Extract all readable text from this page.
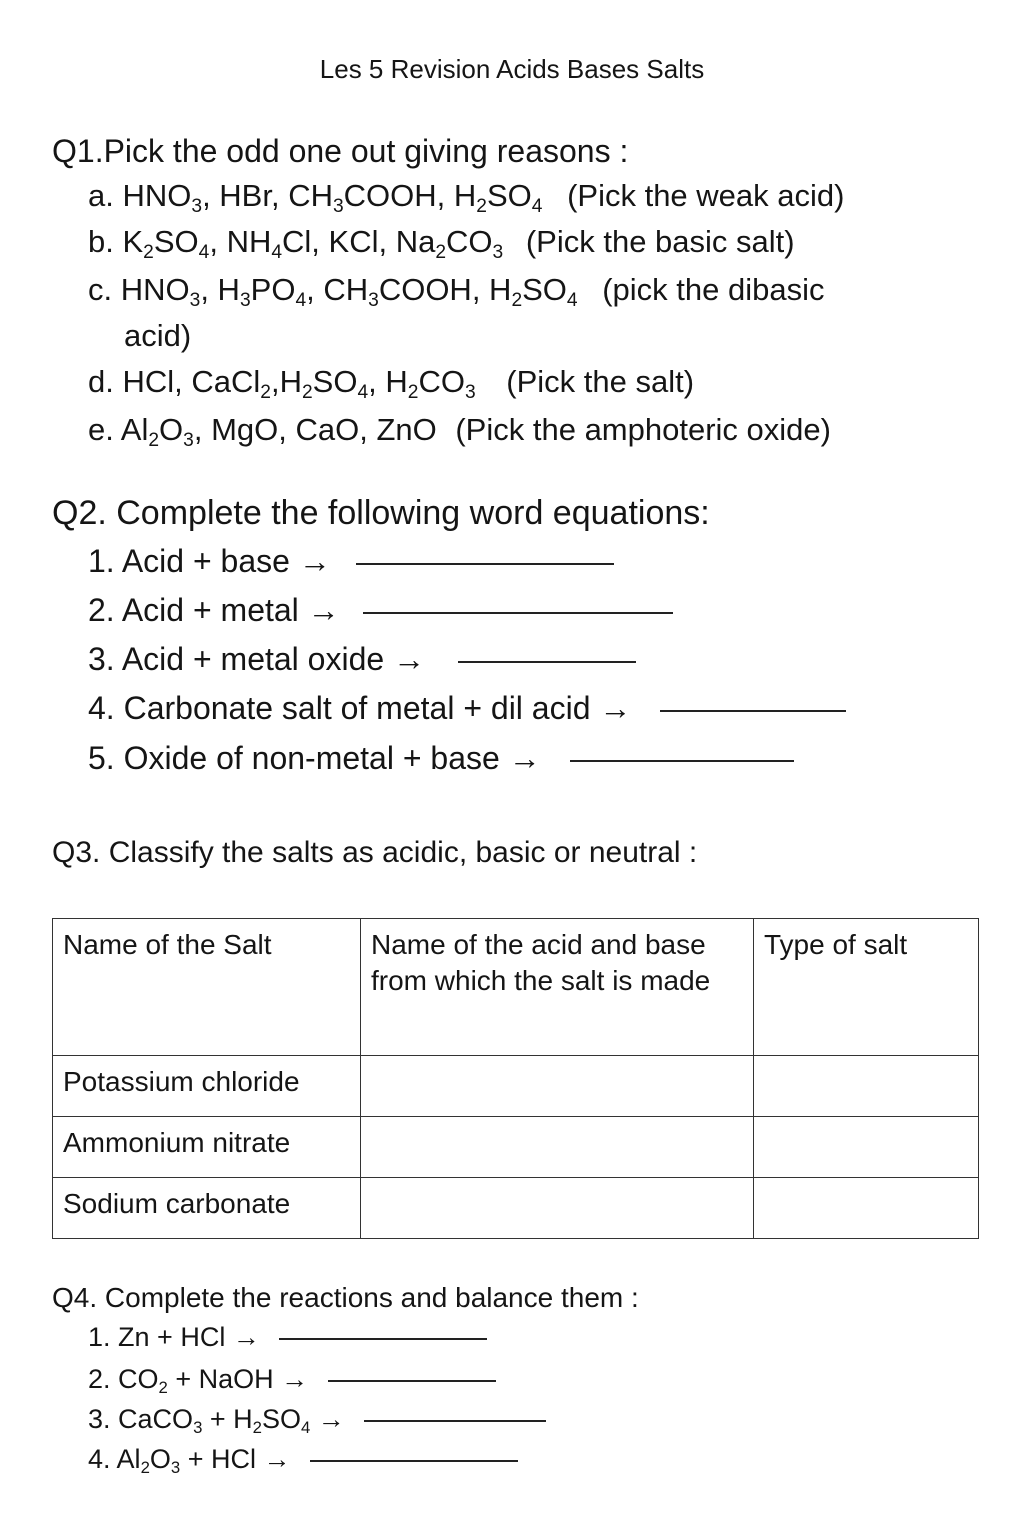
Les 5 Revision Acids Bases Salts
Q1.Pick the odd one out giving reasons :
a. $HNO_3$, HBr, $CH_3COOH$, $H_2SO_4$ (Pick the weak acid)
b. $K_2SO_4$, $NH_4Cl$, KCl, $Na_2CO_3$ (Pick the basic salt)
c. $HNO_3$, $H_3PO_4$, $CH_3COOH$, $H_2SO_4$ (pick the dibasic
acid)
d. HCl, $CaCl_2,H_2SO_4$, $H_2CO_3$ (Pick the salt)
e. $Al_2O_3$, MgO, CaO, ZnO (Pick the amphoteric oxide)
Q2. Complete the following word equations:
1. Acid + base →
2. Acid + metal →
3. Acid + metal oxide →
4. Carbonate salt of metal + dil acid →
5. Oxide of non-metal + base →
Q3. Classify the salts as acidic, basic or neutral :
Name of the Salt	Name of the acid and base from which the salt is made	Type of salt
Potassium chloride		
Ammonium nitrate		
Sodium carbonate		
Q4. Complete the reactions and balance them :
1. Zn + HCl →
2. $CO_2$ + NaOH →
3. CaCO$_3$ + $H_2SO_4$ →
4. $Al_2O_3$ + HCl →
